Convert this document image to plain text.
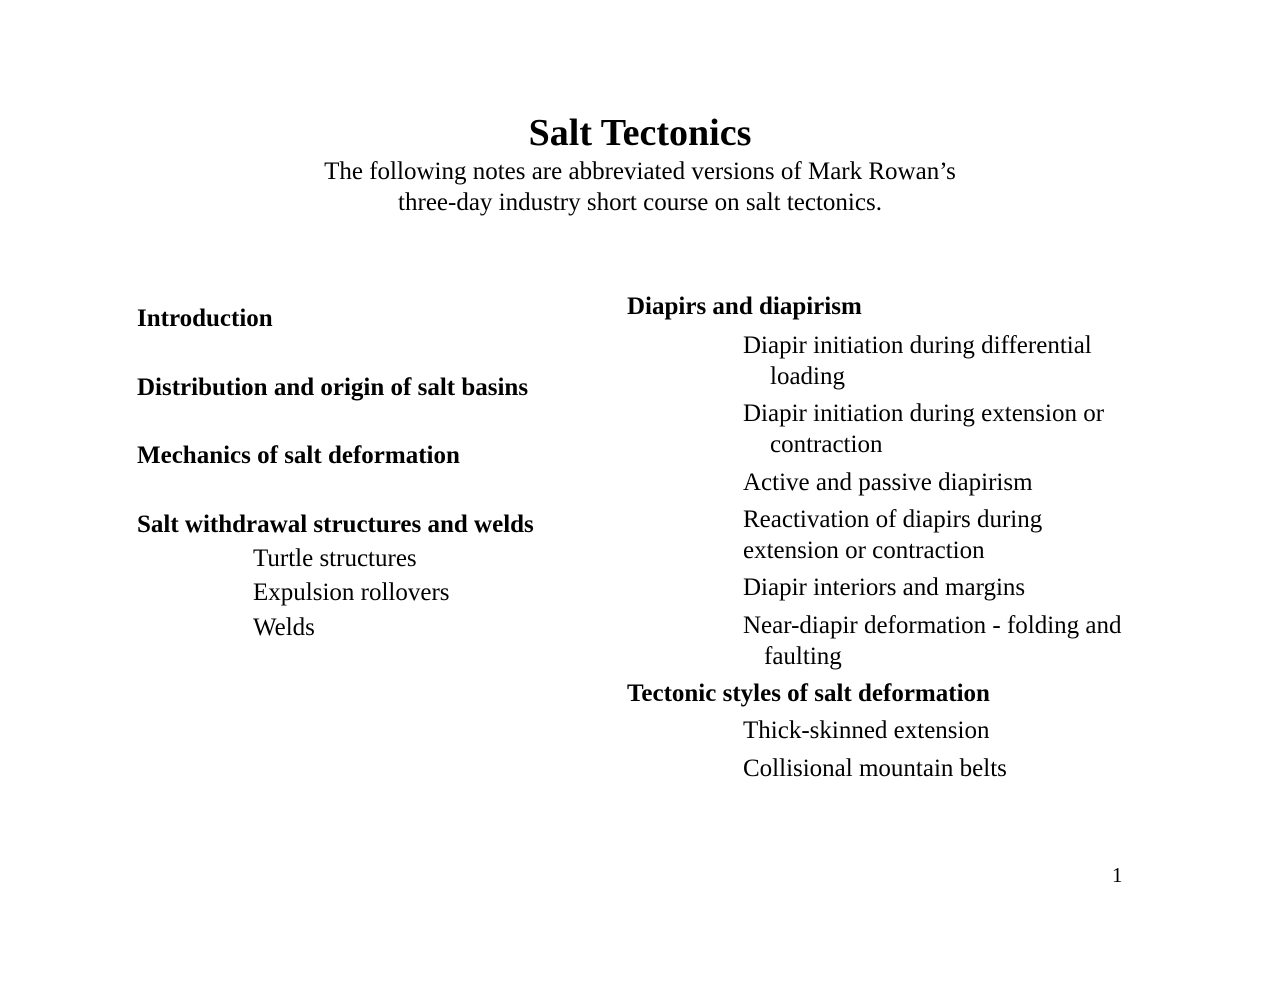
Salt Tectonics
The following notes are abbreviated versions of Mark Rowan’s
three-day industry short course on salt tectonics.
Introduction
Distribution and origin of salt basins
Mechanics of salt deformation
Salt withdrawal structures and welds
Turtle structures
Expulsion rollovers
Welds
Diapirs and diapirism
Diapir initiation during differential
loading
Diapir initiation during extension or
contraction
Active and passive diapirism
Reactivation of diapirs during
extension or contraction
Diapir interiors and margins
Near-diapir deformation - folding and
faulting
Tectonic styles of salt deformation
Thick-skinned extension
Collisional mountain belts
1
